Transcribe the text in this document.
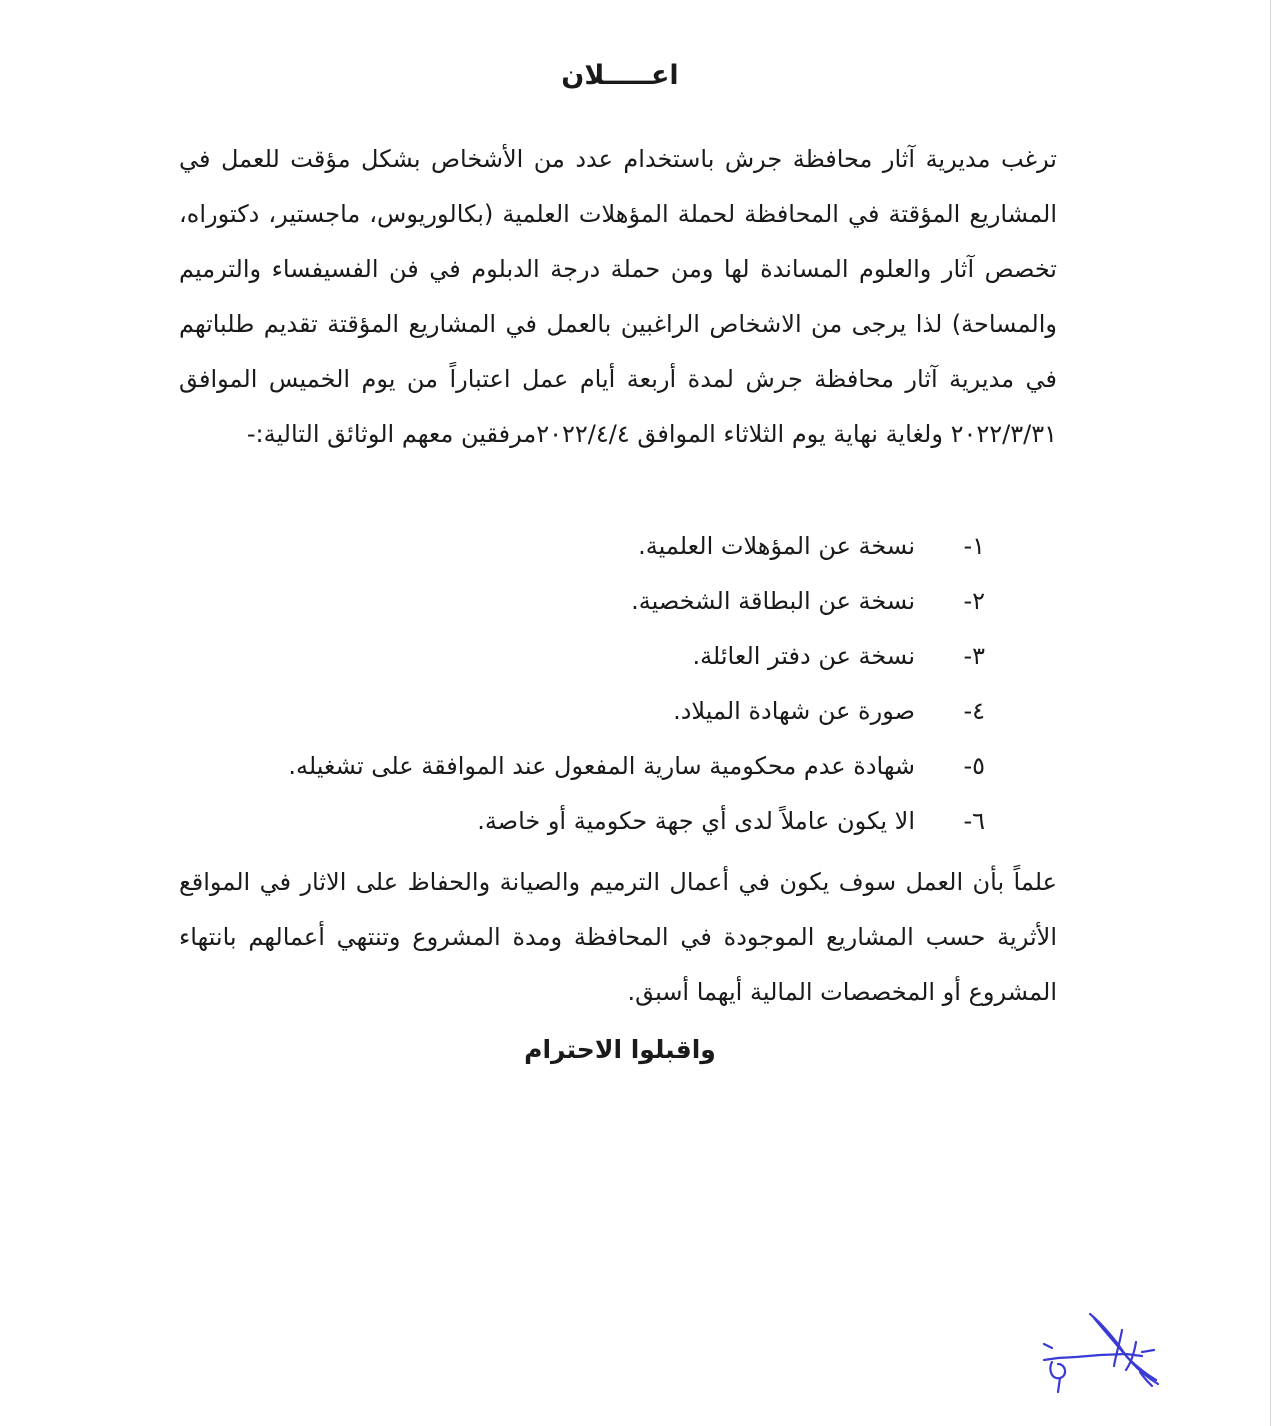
اعـــــلان
ترغب مديرية آثار محافظة جرش باستخدام عدد من الأشخاص بشكل مؤقت للعمل في المشاريع المؤقتة في المحافظة لحملة المؤهلات العلمية (بكالوريوس، ماجستير، دكتوراه، تخصص آثار والعلوم المساندة لها ومن حملة درجة الدبلوم في فن الفسيفساء والترميم والمساحة) لذا يرجى من الاشخاص الراغبين بالعمل في المشاريع المؤقتة تقديم طلباتهم في مديرية آثار محافظة جرش لمدة أربعة أيام عمل اعتباراً من يوم الخميس الموافق ٢٠٢٢/٣/٣١ ولغاية نهاية يوم الثلاثاء الموافق ٢٠٢٢/٤/٤مرفقين معهم الوثائق التالية:-
١-نسخة عن المؤهلات العلمية.
٢-نسخة عن البطاقة الشخصية.
٣-نسخة عن دفتر العائلة.
٤-صورة عن شهادة الميلاد.
٥-شهادة عدم محكومية سارية المفعول عند الموافقة على تشغيله.
٦-الا يكون عاملاً لدى أي جهة حكومية أو خاصة.
علماً بأن العمل سوف يكون في أعمال الترميم والصيانة والحفاظ على الاثار في المواقع الأثرية حسب المشاريع الموجودة في المحافظة ومدة المشروع وتنتهي أعمالهم بانتهاء المشروع أو المخصصات المالية أيهما أسبق.
واقبلوا الاحترام
